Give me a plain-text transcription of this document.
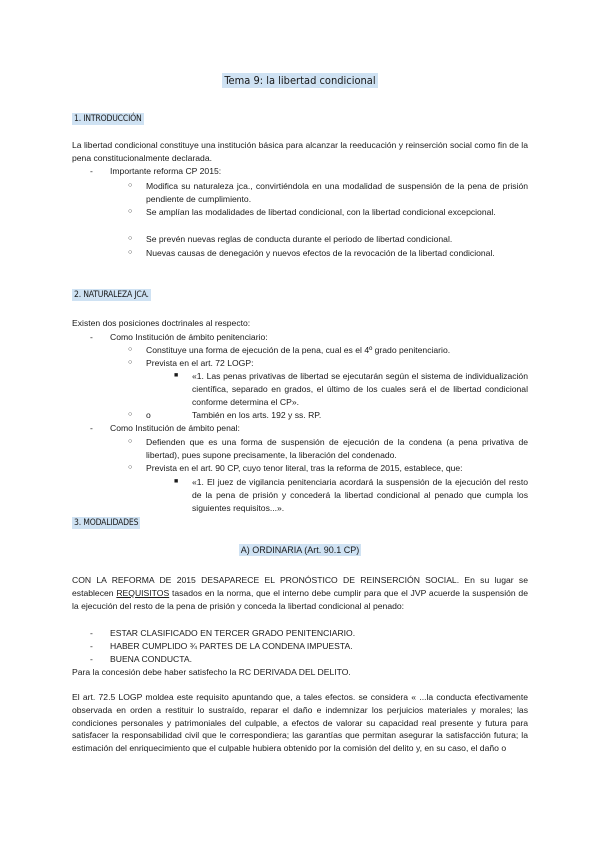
Tema 9: la libertad condicional
1. INTRODUCCIÓN
La libertad condicional constituye una institución básica para alcanzar la reeducación y reinserción social como fin de la pena constitucionalmente declarada.
- Importante reforma CP 2015:
○ Modifica su naturaleza jca., convirtiéndola en una modalidad de suspensión de la pena de prisión pendiente de cumplimiento.
○ Se amplían las modalidades de libertad condicional, con la libertad condicional excepcional.
○ Se prevén nuevas reglas de conducta durante el periodo de libertad condicional.
○ Nuevas causas de denegación y nuevos efectos de la revocación de la libertad condicional.
2. NATURALEZA JCA.
Existen dos posiciones doctrinales al respecto:
- Como Institución de ámbito penitenciario:
○ Constituye una forma de ejecución de la pena, cual es el 4º grado penitenciario.
○ Prevista en el art. 72 LOGP:
■ «1. Las penas privativas de libertad se ejecutarán según el sistema de individualización científica, separado en grados, el último de los cuales será el de libertad condicional conforme determina el CP».
○ o	También en los arts. 192 y ss. RP.
- Como Institución de ámbito penal:
○ Defienden que es una forma de suspensión de ejecución de la condena (a pena privativa de libertad), pues supone precisamente, la liberación del condenado.
○ Prevista en el art. 90 CP, cuyo tenor literal, tras la reforma de 2015, establece, que:
■ «1. El juez de vigilancia penitenciaria acordará la suspensión de la ejecución del resto de la pena de prisión y concederá la libertad condicional al penado que cumpla los siguientes requisitos...».
3. MODALIDADES
A) ORDINARIA (Art. 90.1 CP)
CON LA REFORMA DE 2015 DESAPARECE EL PRONÓSTICO DE REINSERCIÓN SOCIAL. En su lugar se establecen REQUISITOS tasados en la norma, que el interno debe cumplir para que el JVP acuerde la suspensión de la ejecución del resto de la pena de prisión y conceda la libertad condicional al penado:
- ESTAR CLASIFICADO EN TERCER GRADO PENITENCIARIO.
- HABER CUMPLIDO ¾ PARTES DE LA CONDENA IMPUESTA.
- BUENA CONDUCTA.
Para la concesión debe haber satisfecho la RC DERIVADA DEL DELITO.
El art. 72.5 LOGP moldea este requisito apuntando que, a tales efectos. se considera « ...la conducta efectivamente observada en orden a restituir lo sustraído, reparar el daño e indemnizar los perjuicios materiales y morales; las condiciones personales y patrimoniales del culpable, a efectos de valorar su capacidad real presente y futura para satisfacer la responsabilidad civil que le correspondiera; las garantías que permitan asegurar la satisfacción futura; la estimación del enriquecimiento que el culpable hubiera obtenido por la comisión del delito y, en su caso, el daño o
